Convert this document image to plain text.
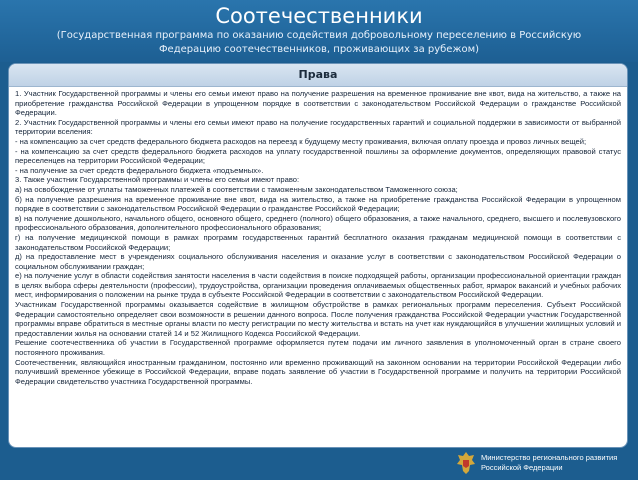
Соотечественники
(Государственная программа по оказанию содействия добровольному переселению в Российскую Федерацию соотечественников, проживающих за рубежом)
Права

1. Участник Государственной программы и члены его семьи имеют право на получение разрешения на временное проживание вне квот, вида на жительство, а также на приобретение гражданства Российской Федерации в упрощенном порядке в соответствии с законодательством Российской Федерации о гражданстве Российской Федерации.

2. Участник Государственной программы и члены его семьи имеют право на получение государственных гарантий и социальной поддержки в зависимости от выбранной территории вселения:

- на компенсацию за счет средств федерального бюджета расходов на переезд к будущему месту проживания, включая оплату проезда и провоз личных вещей;

- на компенсацию за счет средств федерального бюджета расходов на уплату государственной пошлины за оформление документов, определяющих правовой статус переселенцев на территории Российской Федерации;

- на получение за счет средств федерального бюджета «подъемных».

3. Также участник Государственной программы и члены его семьи имеют право:

а) на освобождение от уплаты таможенных платежей в соответствии с таможенным законодательством Таможенного союза;

б) на получение разрешения на временное проживание вне квот, вида на жительство, а также на приобретение гражданства Российской Федерации в упрощенном порядке в соответствии с законодательством Российской Федерации о гражданстве Российской Федерации;

в) на получение дошкольного, начального общего, основного общего, среднего (полного) общего образования, а также начального, среднего, высшего и послевузовского профессионального образования, дополнительного профессионального образования;

г) на получение медицинской помощи в рамках программ государственных гарантий бесплатного оказания гражданам медицинской помощи в соответствии с законодательством Российской Федерации;

д) на предоставление мест в учреждениях социального обслуживания населения и оказание услуг в соответствии с законодательством Российской Федерации о социальном обслуживании граждан;

е) на получение услуг в области содействия занятости населения в части содействия в поиске подходящей работы, организации профессиональной ориентации граждан в целях выбора сферы деятельности (профессии), трудоустройства, организации проведения оплачиваемых общественных работ, ярмарок вакансий и учебных рабочих мест, информирования о положении на рынке труда в субъекте Российской Федерации в соответствии с законодательством Российской Федерации.

Участникам Государственной программы оказывается содействие в жилищном обустройстве в рамках региональных программ переселения. Субъект Российской Федерации самостоятельно определяет свои возможности в решении данного вопроса. После получения гражданства Российской Федерации участник Государственной программы вправе обратиться в местные органы власти по месту регистрации по месту жительства и встать на учет как нуждающийся в улучшении жилищных условий и предоставлении жилья на основании статей 14 и 52 Жилищного Кодекса Российской Федерации.

Решение соотечественника об участии в Государственной программе оформляется путем подачи им личного заявления в уполномоченный орган в стране своего постоянного проживания.

Соотечественник, являющийся иностранным гражданином, постоянно или временно проживающий на законном основании на территории Российской Федерации либо получивший временное убежище в Российской Федерации, вправе подать заявление об участии в Государственной программе и получить на территории Российской Федерации свидетельство участника Государственной программы.

Министерство регионального развития Российской Федерации
